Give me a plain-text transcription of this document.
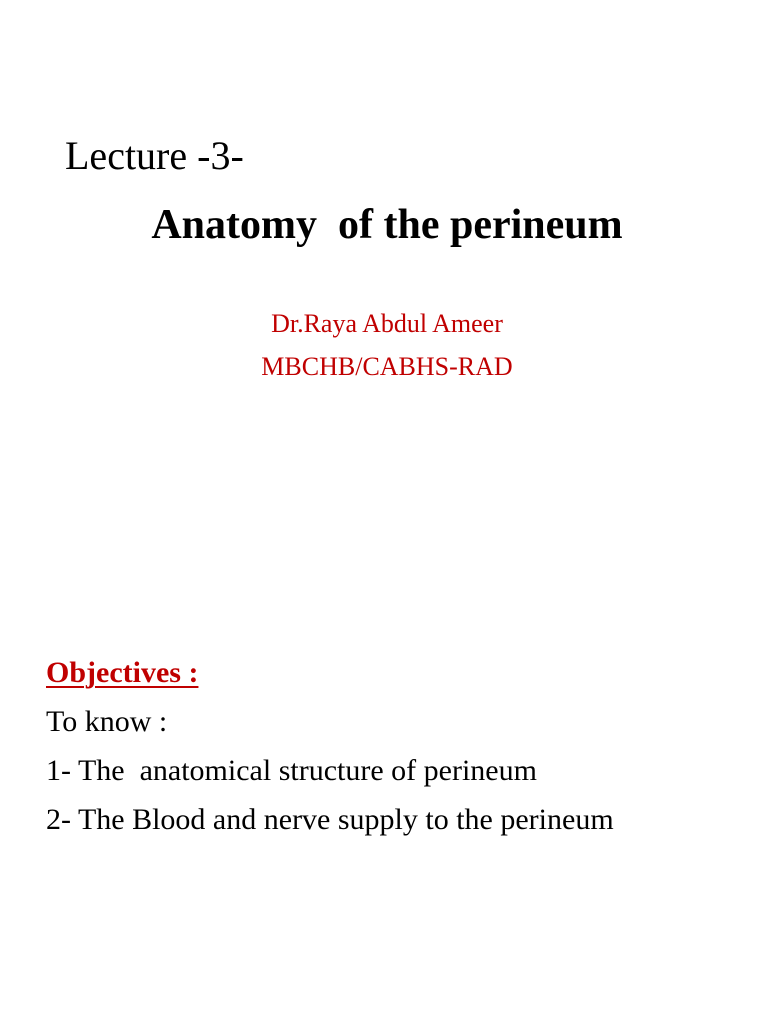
Lecture -3-
Anatomy  of the perineum
Dr.Raya Abdul Ameer
MBCHB/CABHS-RAD
Objectives :
To know :
1- The  anatomical structure of perineum
2- The Blood and nerve supply to the perineum
